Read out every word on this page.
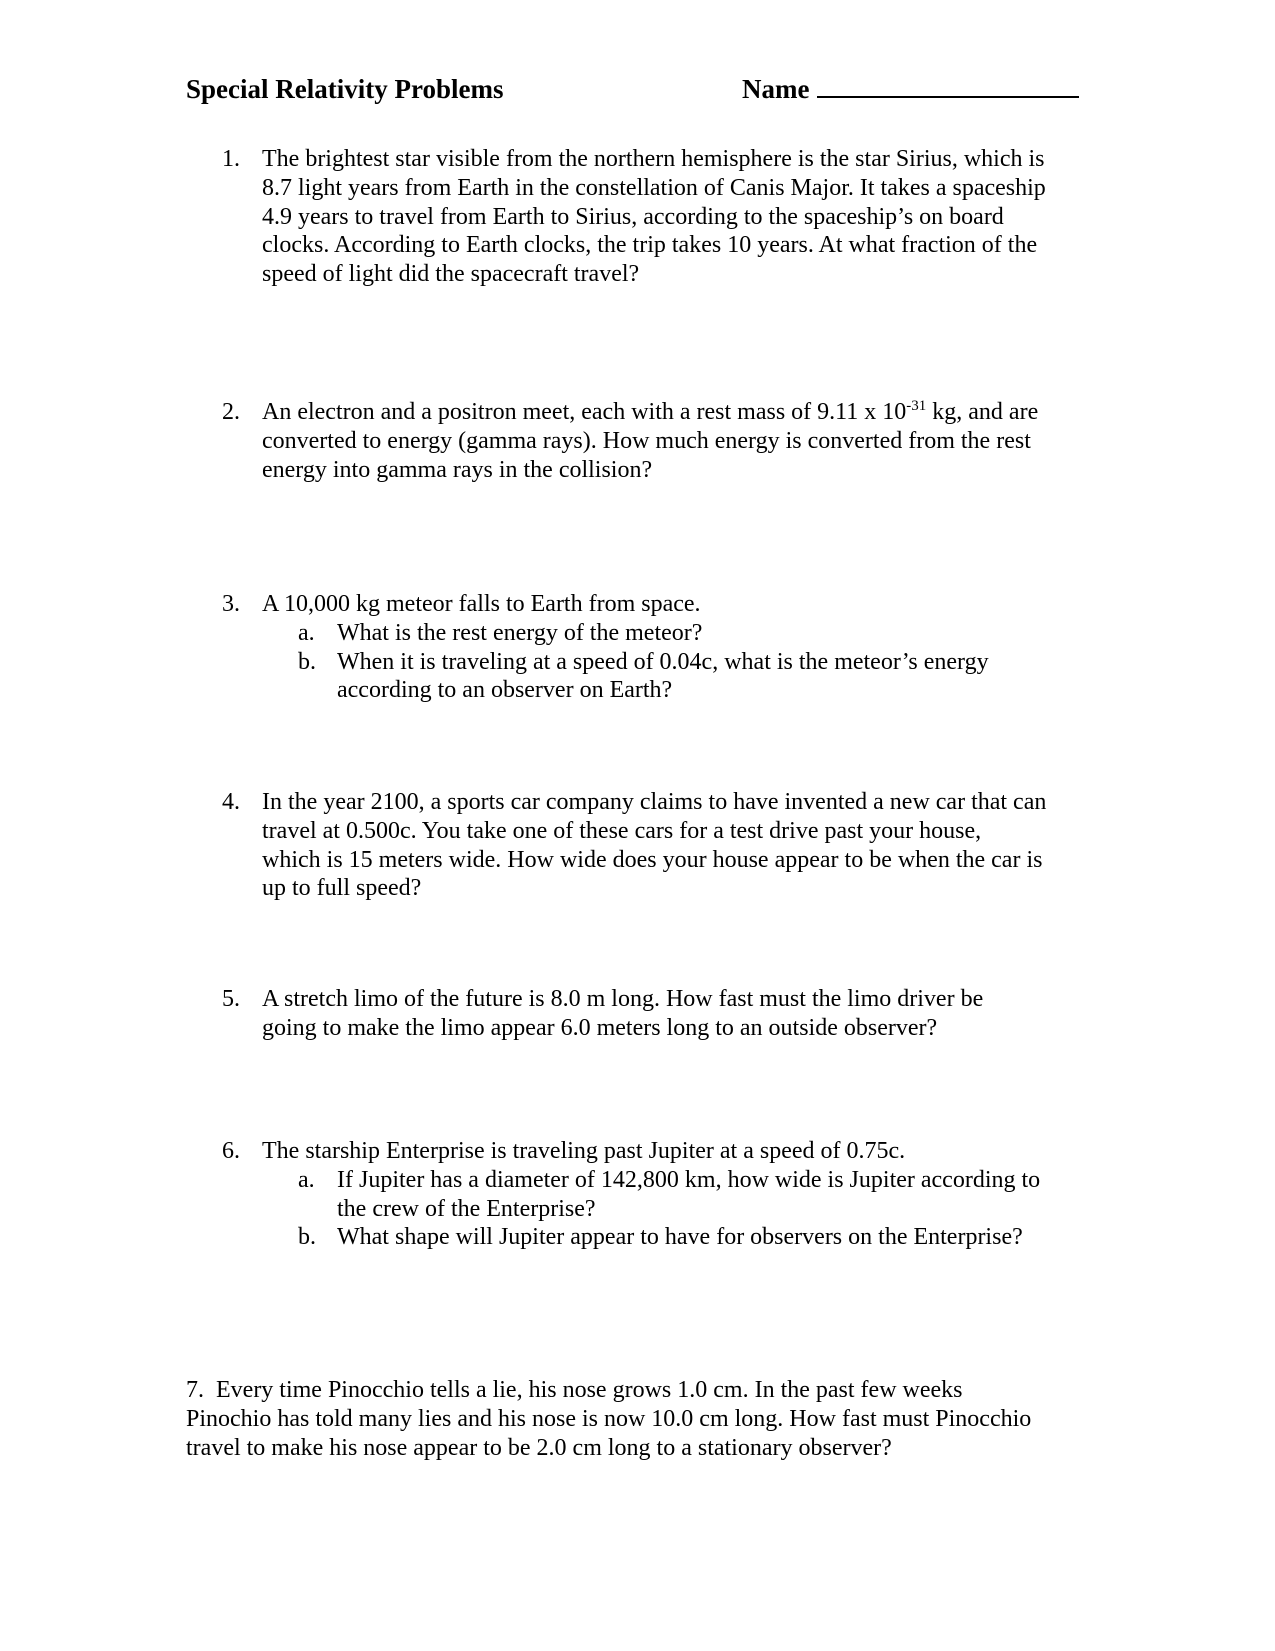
Special Relativity Problems	Name
1. The brightest star visible from the northern hemisphere is the star Sirius, which is
8.7 light years from Earth in the constellation of Canis Major. It takes a spaceship
4.9 years to travel from Earth to Sirius, according to the spaceship’s on board
clocks. According to Earth clocks, the trip takes 10 years. At what fraction of the
speed of light did the spacecraft travel?
2. An electron and a positron meet, each with a rest mass of 9.11 x $10^{-31}$ kg, and are
converted to energy (gamma rays). How much energy is converted from the rest
energy into gamma rays in the collision?
3. A 10,000 kg meteor falls to Earth from space.
a. What is the rest energy of the meteor?
b. When it is traveling at a speed of 0.04c, what is the meteor’s energy
according to an observer on Earth?
4. In the year 2100, a sports car company claims to have invented a new car that can
travel at 0.500c. You take one of these cars for a test drive past your house,
which is 15 meters wide. How wide does your house appear to be when the car is
up to full speed?
5. A stretch limo of the future is 8.0 m long. How fast must the limo driver be
going to make the limo appear 6.0 meters long to an outside observer?
6. The starship Enterprise is traveling past Jupiter at a speed of 0.75c.
a. If Jupiter has a diameter of 142,800 km, how wide is Jupiter according to
the crew of the Enterprise?
b. What shape will Jupiter appear to have for observers on the Enterprise?
7. Every time Pinocchio tells a lie, his nose grows 1.0 cm. In the past few weeks
Pinochio has told many lies and his nose is now 10.0 cm long. How fast must Pinocchio
travel to make his nose appear to be 2.0 cm long to a stationary observer?
